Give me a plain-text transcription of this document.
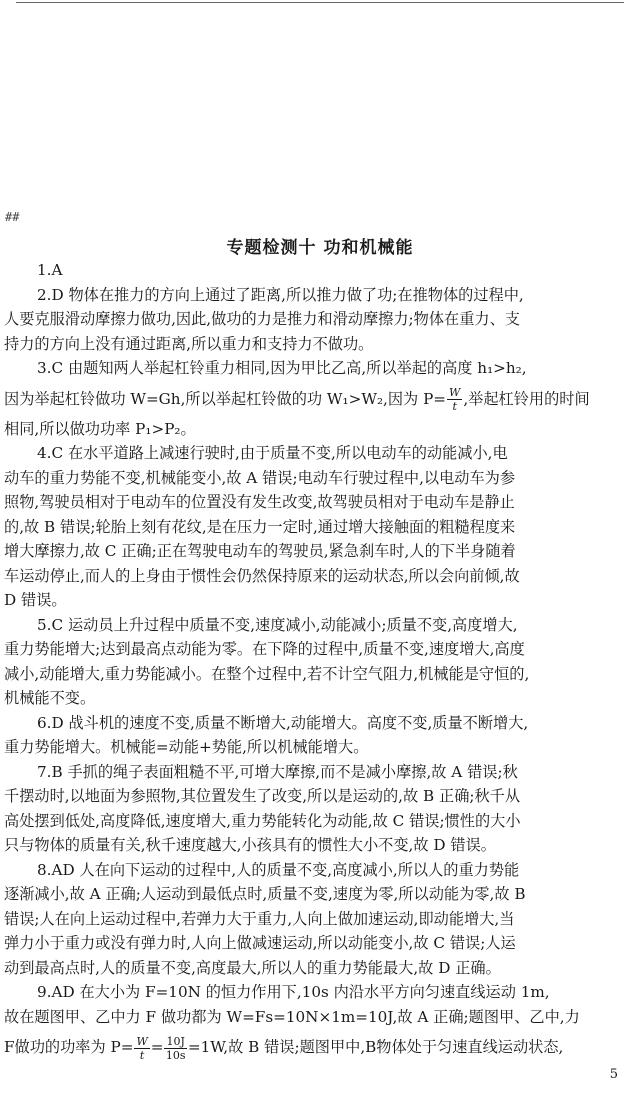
##
专题检测十 功和机械能
1.A
2.D 物体在推力的方向上通过了距离,所以推力做了功;在推物体的过程中,
人要克服滑动摩擦力做功,因此,做功的力是推力和滑动摩擦力;物体在重力、支
持力的方向上没有通过距离,所以重力和支持力不做功。
3.C 由题知两人举起杠铃重力相同,因为甲比乙高,所以举起的高度 h₁>h₂,
因为举起杠铃做功 W=Gh,所以举起杠铃做的功 W₁>W₂,因为 $P= \frac{W}{t}$ ,举起杠铃用的时间
相同,所以做功功率 P₁>P₂。
4.C 在水平道路上减速行驶时,由于质量不变,所以电动车的动能减小,电
动车的重力势能不变,机械能变小,故 A 错误;电动车行驶过程中,以电动车为参
照物,驾驶员相对于电动车的位置没有发生改变,故驾驶员相对于电动车是静止
的,故 B 错误;轮胎上刻有花纹,是在压力一定时,通过增大接触面的粗糙程度来
增大摩擦力,故 C 正确;正在驾驶电动车的驾驶员,紧急刹车时,人的下半身随着
车运动停止,而人的上身由于惯性会仍然保持原来的运动状态,所以会向前倾,故
D 错误。
5.C 运动员上升过程中质量不变,速度减小,动能减小;质量不变,高度增大,
重力势能增大;达到最高点动能为零。在下降的过程中,质量不变,速度增大,高度
减小,动能增大,重力势能减小。在整个过程中,若不计空气阻力,机械能是守恒的,
机械能不变。
6.D 战斗机的速度不变,质量不断增大,动能增大。高度不变,质量不断增大,
重力势能增大。机械能=动能+势能,所以机械能增大。
7.B 手抓的绳子表面粗糙不平,可增大摩擦,而不是减小摩擦,故 A 错误;秋
千摆动时,以地面为参照物,其位置发生了改变,所以是运动的,故 B 正确;秋千从
高处摆到低处,高度降低,速度增大,重力势能转化为动能,故 C 错误;惯性的大小
只与物体的质量有关,秋千速度越大,小孩具有的惯性大小不变,故 D 错误。
8.AD 人在向下运动的过程中,人的质量不变,高度减小,所以人的重力势能
逐渐减小,故 A 正确;人运动到最低点时,质量不变,速度为零,所以动能为零,故 B
错误;人在向上运动过程中,若弹力大于重力,人向上做加速运动,即动能增大,当
弹力小于重力或没有弹力时,人向上做减速运动,所以动能变小,故 C 错误;人运
动到最高点时,人的质量不变,高度最大,所以人的重力势能最大,故 D 正确。
9.AD 在大小为 F=10N 的恒力作用下,10s 内沿水平方向匀速直线运动 1m,
故在题图甲、乙中力 F 做功都为 W=Fs=10N×1m=10J,故 A 正确;题图甲、乙中,力
F做功的功率为 $P= \frac{W}{t} = \frac{10J}{10s} =1W$,故 B 错误;题图甲中,B物体处于匀速直线运动状态,
5
